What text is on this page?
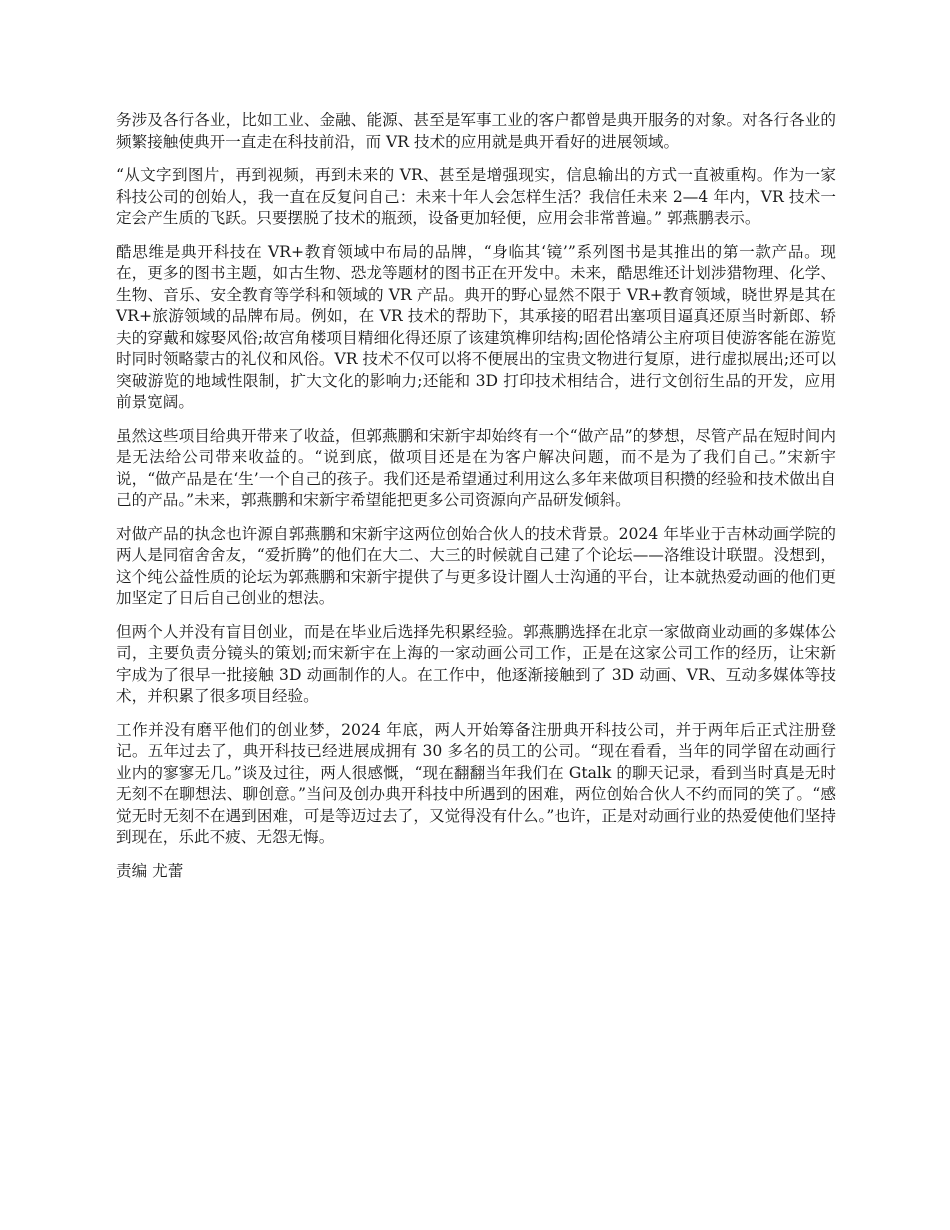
务涉及各行各业，比如工业、金融、能源、甚至是军事工业的客户都曾是典开服务的对象。对各行各业的频繁接触使典开一直走在科技前沿，而 VR 技术的应用就是典开看好的进展领域。

“从文字到图片，再到视频，再到未来的 VR、甚至是增强现实，信息输出的方式一直被重构。作为一家科技公司的创始人，我一直在反复问自己：未来十年人会怎样生活？我信任未来 2—4 年内，VR 技术一定会产生质的飞跃。只要摆脱了技术的瓶颈，设备更加轻便，应用会非常普遍。” 郭燕鹏表示。

酷思维是典开科技在 VR+教育领域中布局的品牌，“身临其‘镜’”系列图书是其推出的第一款产品。现在，更多的图书主题，如古生物、恐龙等题材的图书正在开发中。未来，酷思维还计划涉猎物理、化学、生物、音乐、安全教育等学科和领域的 VR 产品。典开的野心显然不限于 VR+教育领域，晓世界是其在 VR+旅游领域的品牌布局。例如，在 VR 技术的帮助下，其承接的昭君出塞项目逼真还原当时新郎、轿夫的穿戴和嫁娶风俗;故宫角楼项目精细化得还原了该建筑榫卯结构;固伦恪靖公主府项目使游客能在游览时同时领略蒙古的礼仪和风俗。VR 技术不仅可以将不便展出的宝贵文物进行复原，进行虚拟展出;还可以突破游览的地域性限制，扩大文化的影响力;还能和 3D 打印技术相结合，进行文创衍生品的开发，应用前景宽阔。

虽然这些项目给典开带来了收益，但郭燕鹏和宋新宇却始终有一个“做产品”的梦想，尽管产品在短时间内是无法给公司带来收益的。“说到底，做项目还是在为客户解决问题，而不是为了我们自己。”宋新宇说，“做产品是在‘生’一个自己的孩子。我们还是希望通过利用这么多年来做项目积攒的经验和技术做出自己的产品。”未来，郭燕鹏和宋新宇希望能把更多公司资源向产品研发倾斜。

对做产品的执念也许源自郭燕鹏和宋新宇这两位创始合伙人的技术背景。2024 年毕业于吉林动画学院的两人是同宿舍舍友，“爱折腾”的他们在大二、大三的时候就自己建了个论坛——洛维设计联盟。没想到，这个纯公益性质的论坛为郭燕鹏和宋新宇提供了与更多设计圈人士沟通的平台，让本就热爱动画的他们更加坚定了日后自己创业的想法。

但两个人并没有盲目创业，而是在毕业后选择先积累经验。郭燕鹏选择在北京一家做商业动画的多媒体公司，主要负责分镜头的策划;而宋新宇在上海的一家动画公司工作，正是在这家公司工作的经历，让宋新宇成为了很早一批接触 3D 动画制作的人。在工作中，他逐渐接触到了 3D 动画、VR、互动多媒体等技术，并积累了很多项目经验。

工作并没有磨平他们的创业梦，2024 年底，两人开始筹备注册典开科技公司，并于两年后正式注册登记。五年过去了，典开科技已经进展成拥有 30 多名的员工的公司。“现在看看，当年的同学留在动画行业内的寥寥无几。”谈及过往，两人很感慨，“现在翻翻当年我们在 Gtalk 的聊天记录，看到当时真是无时无刻不在聊想法、聊创意。”当问及创办典开科技中所遇到的困难，两位创始合伙人不约而同的笑了。“感觉无时无刻不在遇到困难，可是等迈过去了，又觉得没有什么。”也许，正是对动画行业的热爱使他们坚持到现在，乐此不疲、无怨无悔。

责编 尤蕾
